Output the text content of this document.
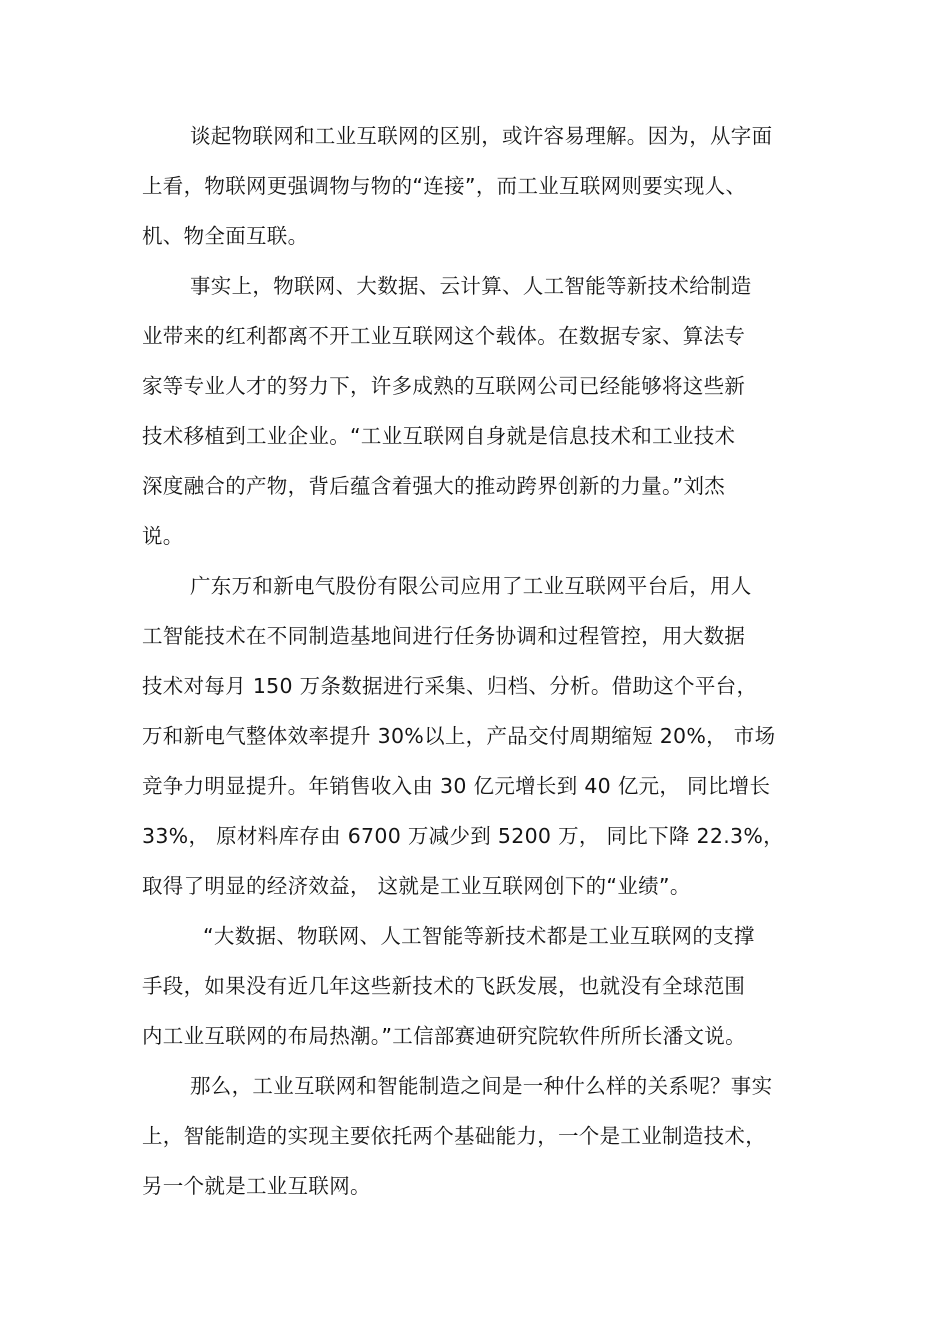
谈起物联网和工业互联网的区别，或许容易理解。因为，从字面
上看，物联网更强调物与物的“连接”，而工业互联网则要实现人、
机、物全面互联。
事实上，物联网、大数据、云计算、人工智能等新技术给制造
业带来的红利都离不开工业互联网这个载体。在数据专家、算法专
家等专业人才的努力下，许多成熟的互联网公司已经能够将这些新
技术移植到工业企业。“工业互联网自身就是信息技术和工业技术
深度融合的产物，背后蕴含着强大的推动跨界创新的力量。”刘杰
说。
广东万和新电气股份有限公司应用了工业互联网平台后，用人
工智能技术在不同制造基地间进行任务协调和过程管控，用大数据
技术对每月 150 万条数据进行采集、归档、分析。借助这个平台，
万和新电气整体效率提升 30%以上，产品交付周期缩短 20%， 市场
竞争力明显提升。年销售收入由 30 亿元增长到 40 亿元， 同比增长
33%， 原材料库存由 6700 万减少到 5200 万， 同比下降 22.3%，
取得了明显的经济效益， 这就是工业互联网创下的“业绩”。
“大数据、物联网、人工智能等新技术都是工业互联网的支撑
手段，如果没有近几年这些新技术的飞跃发展，也就没有全球范围
内工业互联网的布局热潮。”工信部赛迪研究院软件所所长潘文说。
那么，工业互联网和智能制造之间是一种什么样的关系呢？事实
上，智能制造的实现主要依托两个基础能力，一个是工业制造技术，
另一个就是工业互联网。
